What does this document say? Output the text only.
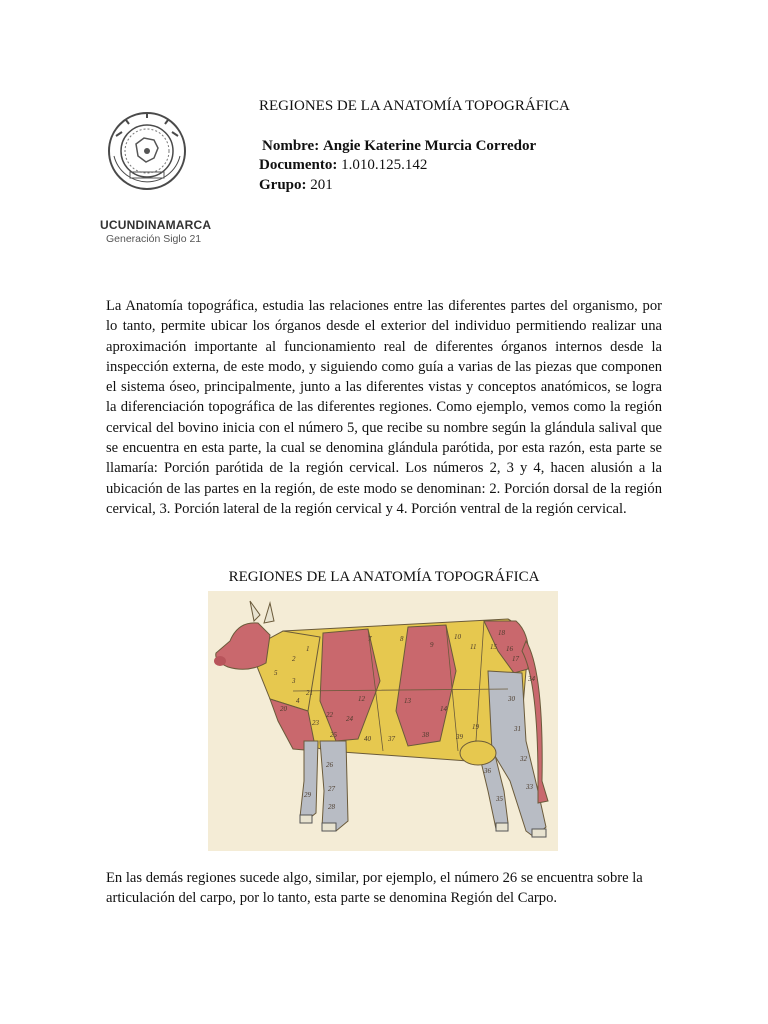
UCUNDINAMARCA
Generación Siglo 21
REGIONES DE LA ANATOMÍA TOPOGRÁFICA
Nombre: Angie Katerine Murcia Corredor
Documento: 1.010.125.142
Grupo: 201

La Anatomía topográfica, estudia las relaciones entre las diferentes partes del organismo, por lo tanto, permite ubicar los órganos desde el exterior del individuo permitiendo realizar una aproximación importante al funcionamiento real de diferentes órganos internos desde la inspección externa, de este modo, y siguiendo como guía a varias de las piezas que componen el sistema óseo, principalmente, junto a las diferentes vistas y conceptos anatómicos, se logra la diferenciación topográfica de las diferentes regiones. Como ejemplo, vemos como la región cervical del bovino inicia con el número 5, que recibe su nombre según la glándula salival que se encuentra en esta parte, la cual se denomina glándula parótida, por esta razón, esta parte se llamaría: Porción parótida de la región cervical. Los números 2, 3 y 4, hacen alusión a la ubicación de las partes en la región, de este modo se denominan: 2. Porción dorsal de la región cervical, 3. Porción lateral de la región cervical y 4. Porción ventral de la región cervical.

REGIONES DE LA ANATOMÍA TOPOGRÁFICA
1
2
3
4
5
7	8
9
10
11
12	13
14
15 16
17
18
19
20
21
22
23	24
25
26
27
28
29
30
31
32
33
34
35
36
37	38	39
40

En las demás regiones sucede algo, similar, por ejemplo, el número 26 se encuentra sobre la articulación del carpo, por lo tanto, esta parte se denomina Región del Carpo.
